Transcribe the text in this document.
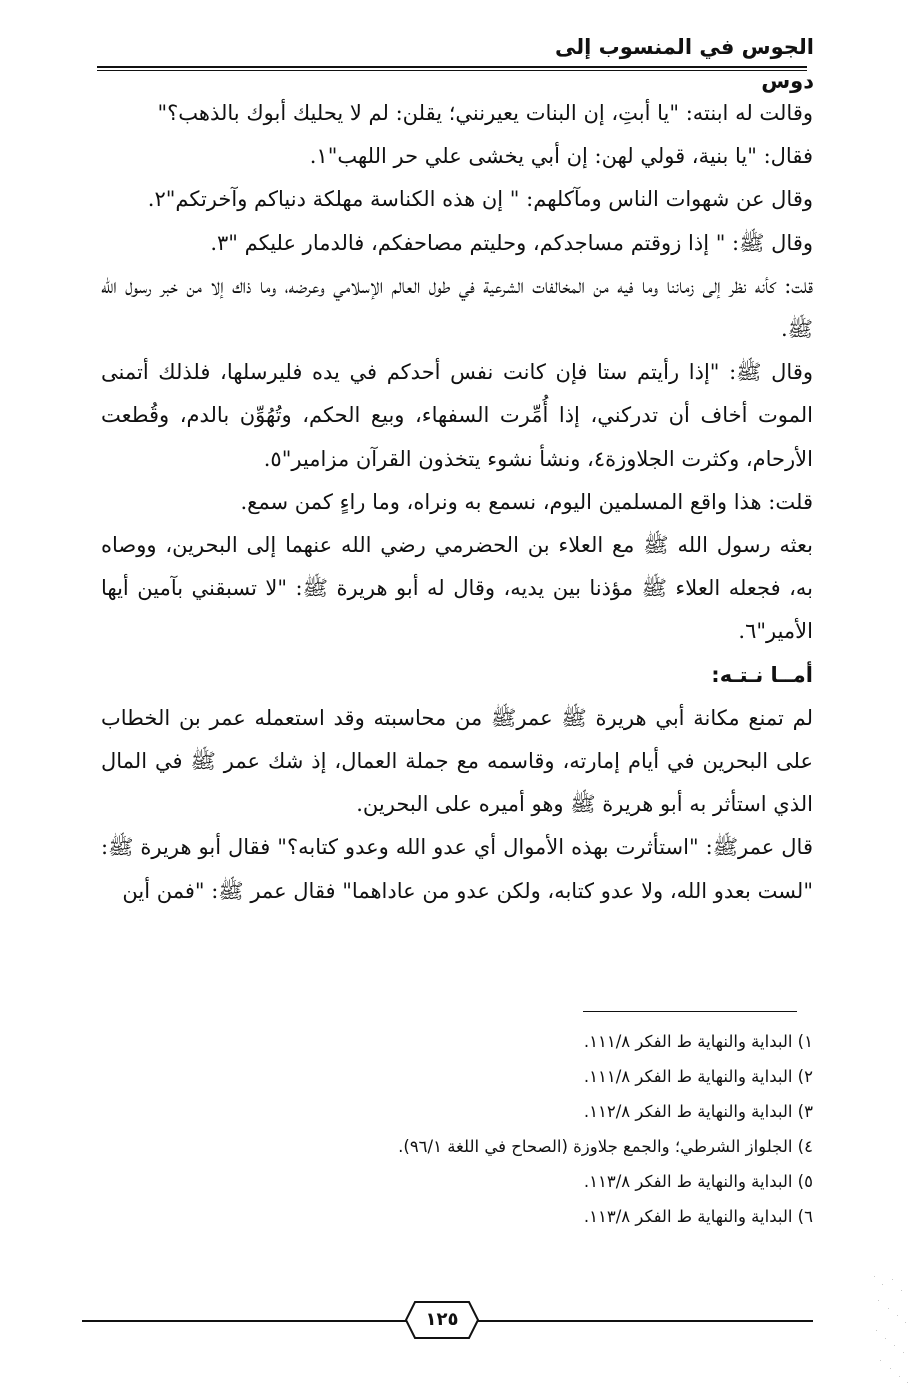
الجوس في المنسوب إلى دوس

وقالت له ابنته: "يا أبتِ، إن البنات يعيرنني؛ يقلن: لم لا يحليك أبوك بالذهب؟"

فقال: "يا بنية، قولي لهن: إن أبي يخشى علي حر اللهب"١.

وقال عن شهوات الناس ومآكلهم: " إن هذه الكناسة مهلكة دنياكم وآخرتكم"٢.

وقال ﷺ: " إذا زوقتم مساجدكم، وحليتم مصاحفكم، فالدمار عليكم "٣.

قلت: كأنه نظر إلى زماننا وما فيه من المخالفات الشرعية في طول العالم الإسلامي وعرضه، وما ذاك إلا من خبر رسول الله ﷺ.

وقال ﷺ: "إذا رأيتم ستا فإن كانت نفس أحدكم في يده فليرسلها، فلذلك أتمنى الموت أخاف أن تدركني، إذا أُمِّرت السفهاء، وبيع الحكم، وتُهُوِّن بالدم، وقُطعت الأرحام، وكثرت الجلاوزة٤، ونشأ نشوء يتخذون القرآن مزامير"٥.

قلت: هذا واقع المسلمين اليوم، نسمع به ونراه، وما راءٍ كمن سمع.

بعثه رسول الله ﷺ مع العلاء بن الحضرمي رضي الله عنهما إلى البحرين، ووصاه به، فجعله العلاء ﷺ مؤذنا بين يديه، وقال له أبو هريرة ﷺ: "لا تسبقني بآمين أيها الأمير"٦.

أمــا نـتـه:

لم تمنع مكانة أبي هريرة ﷺ عمرﷺ من محاسبته وقد استعمله عمر بن الخطاب على البحرين في أيام إمارته، وقاسمه مع جملة العمال، إذ شك عمر ﷺ في المال الذي استأثر به أبو هريرة ﷺ وهو أميره على البحرين.

قال عمرﷺ: "استأثرت بهذه الأموال أي عدو الله وعدو كتابه؟" فقال أبو هريرة ﷺ: "لست بعدو الله، ولا عدو كتابه، ولكن عدو من عاداهما" فقال عمر ﷺ: "فمن أين

١) البداية والنهاية ط الفكر ١١١/٨.
٢) البداية والنهاية ط الفكر ١١١/٨.
٣) البداية والنهاية ط الفكر ١١٢/٨.
٤) الجلواز الشرطي؛ والجمع جلاوزة (الصحاح في اللغة ٩٦/١).
٥) البداية والنهاية ط الفكر ١١٣/٨.
٦) البداية والنهاية ط الفكر ١١٣/٨.
١٢٥
